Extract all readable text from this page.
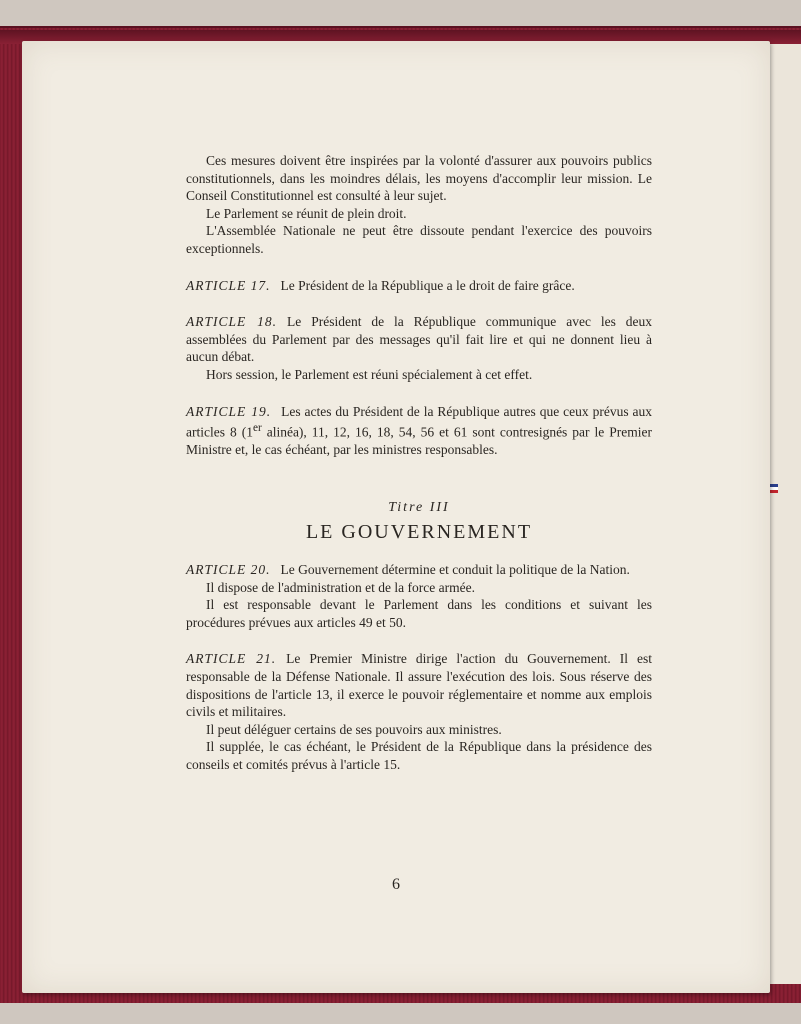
6

Ces mesures doivent être inspirées par la volonté d'assurer aux pouvoirs publics constitutionnels, dans les moindres délais, les moyens d'accomplir leur mission. Le Conseil Constitutionnel est consulté à leur sujet.

Le Parlement se réunit de plein droit.

L'Assemblée Nationale ne peut être dissoute pendant l'exercice des pouvoirs exceptionnels.

ARTICLE 17. Le Président de la République a le droit de faire grâce.

ARTICLE 18. Le Président de la République communique avec les deux assemblées du Parlement par des messages qu'il fait lire et qui ne donnent lieu à aucun débat.

Hors session, le Parlement est réuni spécialement à cet effet.

ARTICLE 19. Les actes du Président de la République autres que ceux prévus aux articles 8 (1er alinéa), 11, 12, 16, 18, 54, 56 et 61 sont contresignés par le Premier Ministre et, le cas échéant, par les ministres responsables.

Titre III
LE GOUVERNEMENT

ARTICLE 20. Le Gouvernement détermine et conduit la politique de la Nation.

Il dispose de l'administration et de la force armée.

Il est responsable devant le Parlement dans les conditions et suivant les procédures prévues aux articles 49 et 50.

ARTICLE 21. Le Premier Ministre dirige l'action du Gouvernement. Il est responsable de la Défense Nationale. Il assure l'exécution des lois. Sous réserve des dispositions de l'article 13, il exerce le pouvoir réglementaire et nomme aux emplois civils et militaires.

Il peut déléguer certains de ses pouvoirs aux ministres.

Il supplée, le cas échéant, le Président de la République dans la présidence des conseils et comités prévus à l'article 15.
